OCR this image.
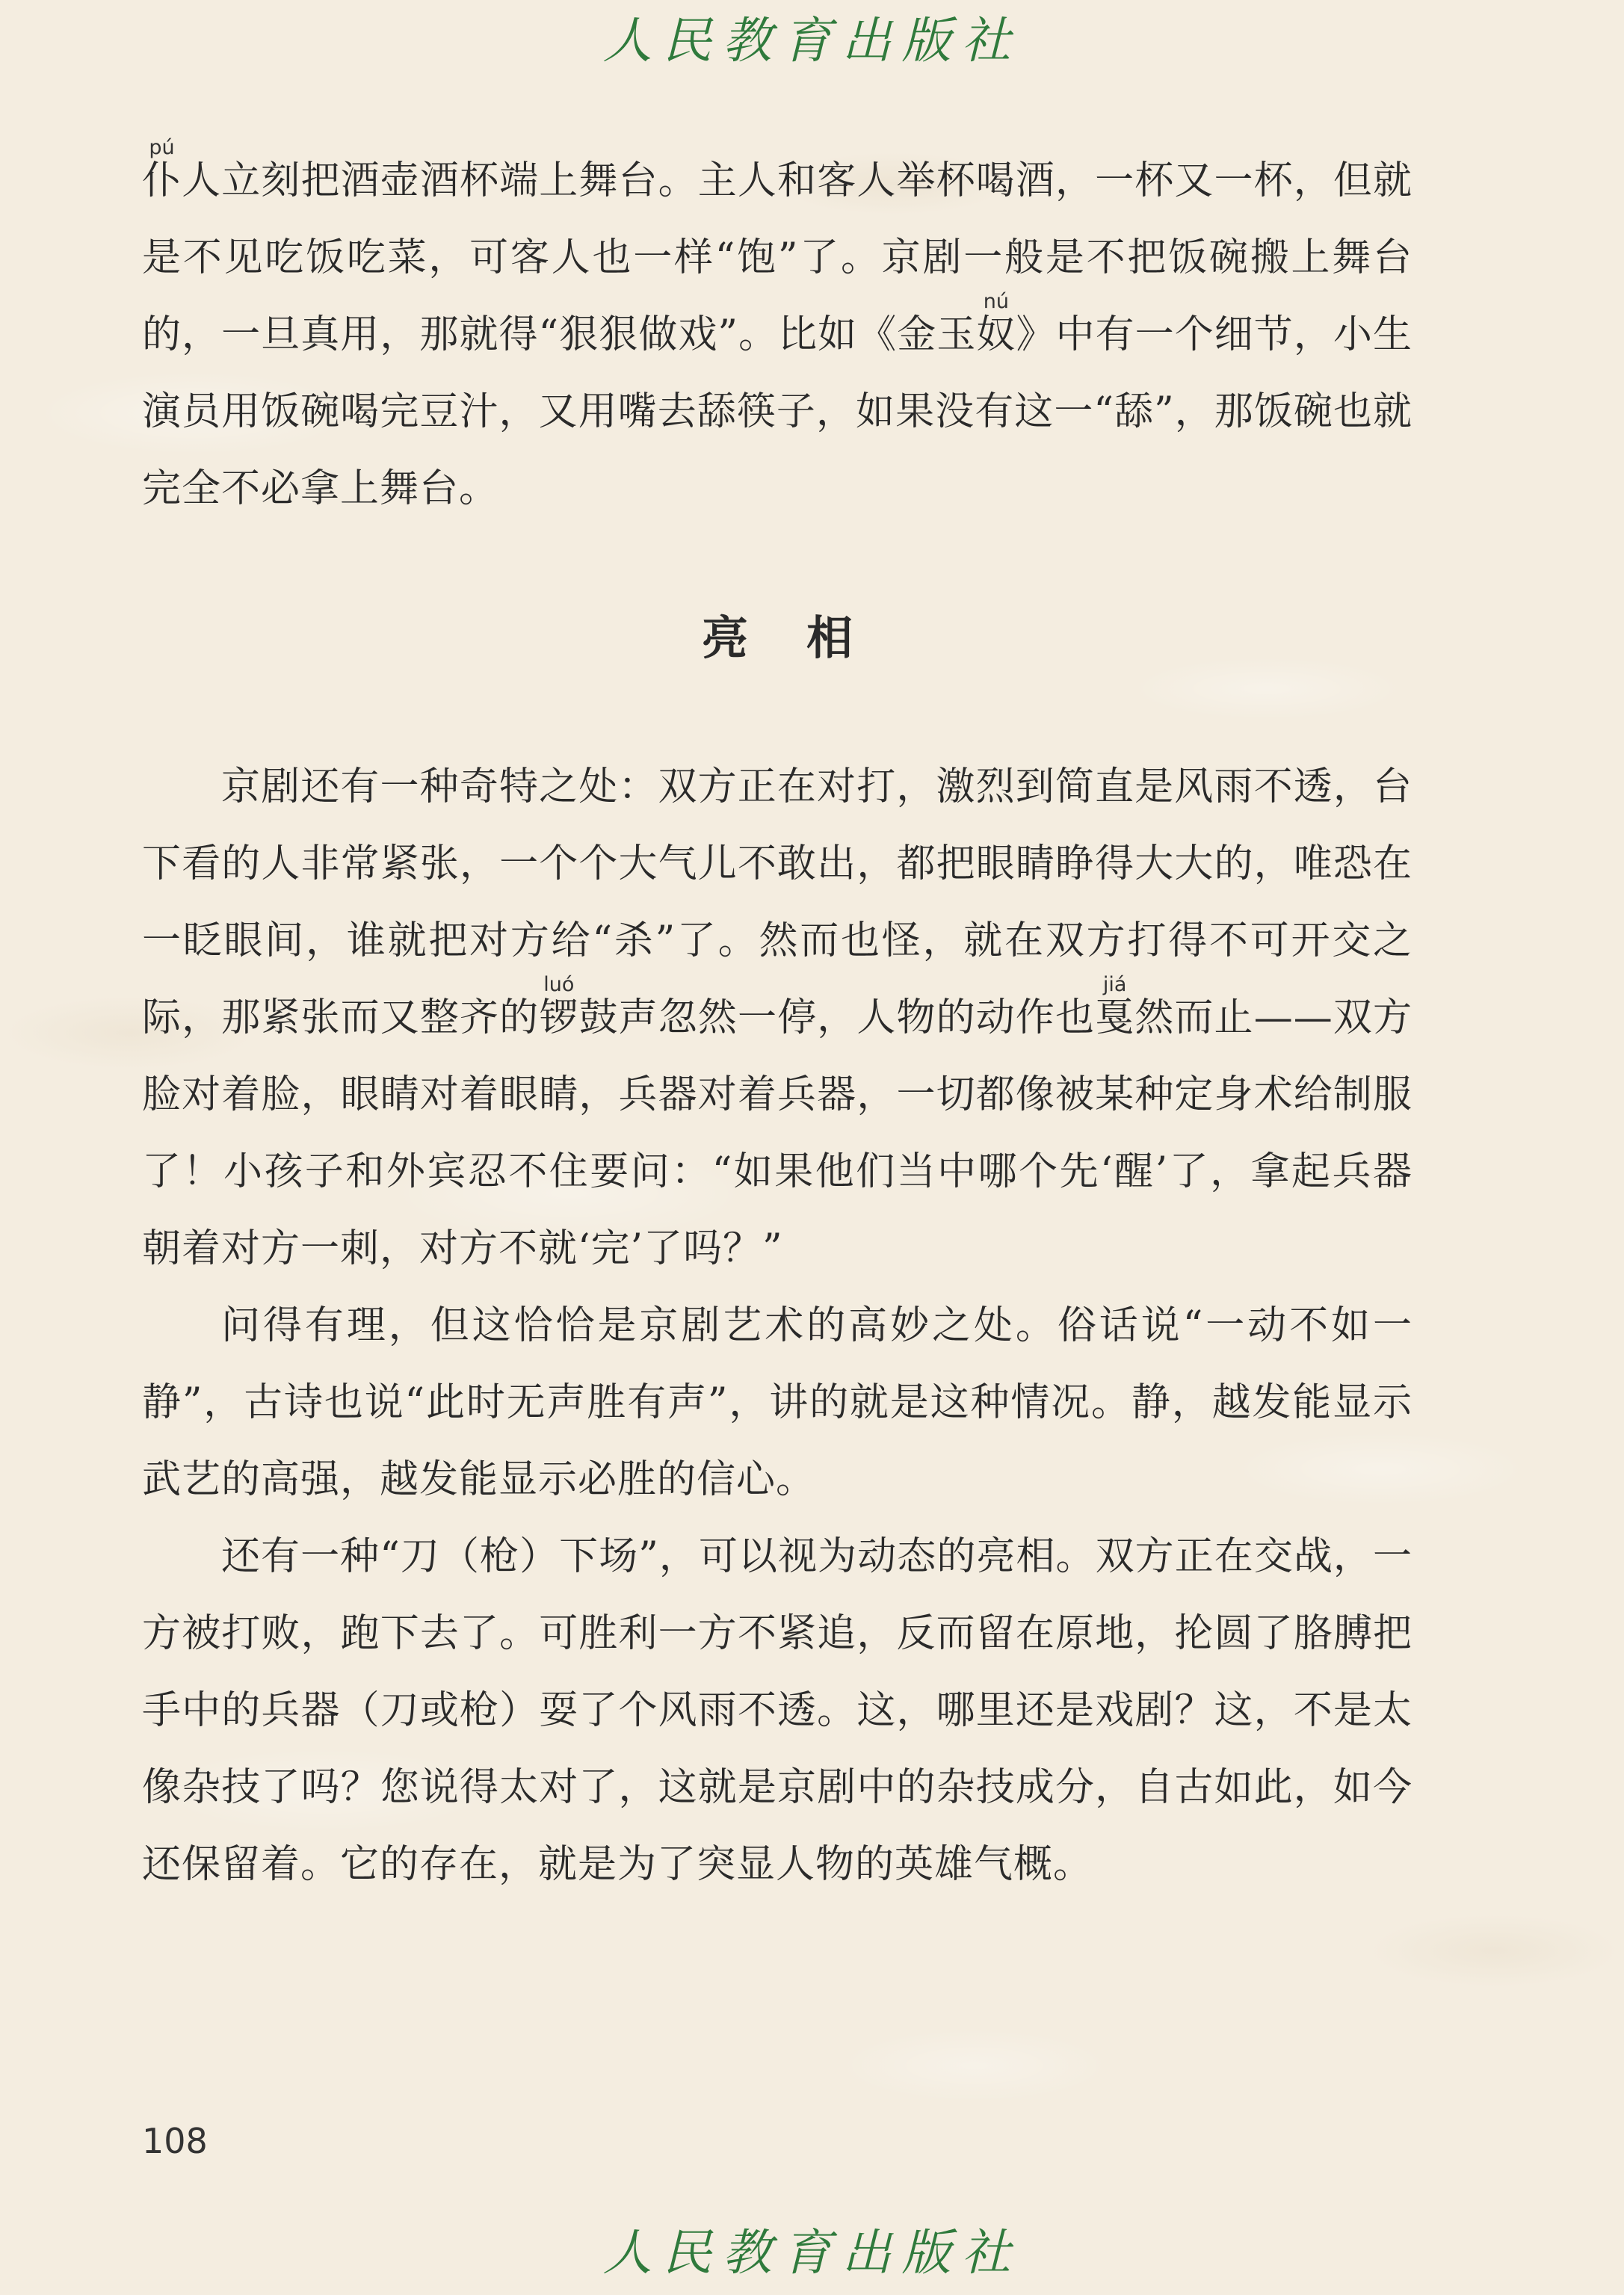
人民教育出版社

仆pú人立刻把酒壶酒杯端上舞台。主人和客人举杯喝酒，一杯又一杯，但就是不见吃饭吃菜，可客人也一样“饱”了。京剧一般是不把饭碗搬上舞台的，一旦真用，那就得“狠狠做戏”。比如《金玉奴nú》中有一个细节，小生演员用饭碗喝完豆汁，又用嘴去舔筷子，如果没有这一“舔”，那饭碗也就完全不必拿上舞台。

亮 相

京剧还有一种奇特之处：双方正在对打，激烈到简直是风雨不透，台下看的人非常紧张，一个个大气儿不敢出，都把眼睛睁得大大的，唯恐在一眨眼间，谁就把对方给“杀”了。然而也怪，就在双方打得不可开交之际，那紧张而又整齐的锣luó鼓声忽然一停，人物的动作也戛jiá然而止——双方脸对着脸，眼睛对着眼睛，兵器对着兵器，一切都像被某种定身术给制服了！小孩子和外宾忍不住要问：“如果他们当中哪个先‘醒’了，拿起兵器朝着对方一刺，对方不就‘完’了吗？”

问得有理，但这恰恰是京剧艺术的高妙之处。俗话说“一动不如一静”，古诗也说“此时无声胜有声”，讲的就是这种情况。静，越发能显示武艺的高强，越发能显示必胜的信心。

还有一种“刀（枪）下场”，可以视为动态的亮相。双方正在交战，一方被打败，跑下去了。可胜利一方不紧追，反而留在原地，抡圆了胳膊把手中的兵器（刀或枪）耍了个风雨不透。这，哪里还是戏剧？这，不是太像杂技了吗？您说得太对了，这就是京剧中的杂技成分，自古如此，如今还保留着。它的存在，就是为了突显人物的英雄气概。

108
人民教育出版社
